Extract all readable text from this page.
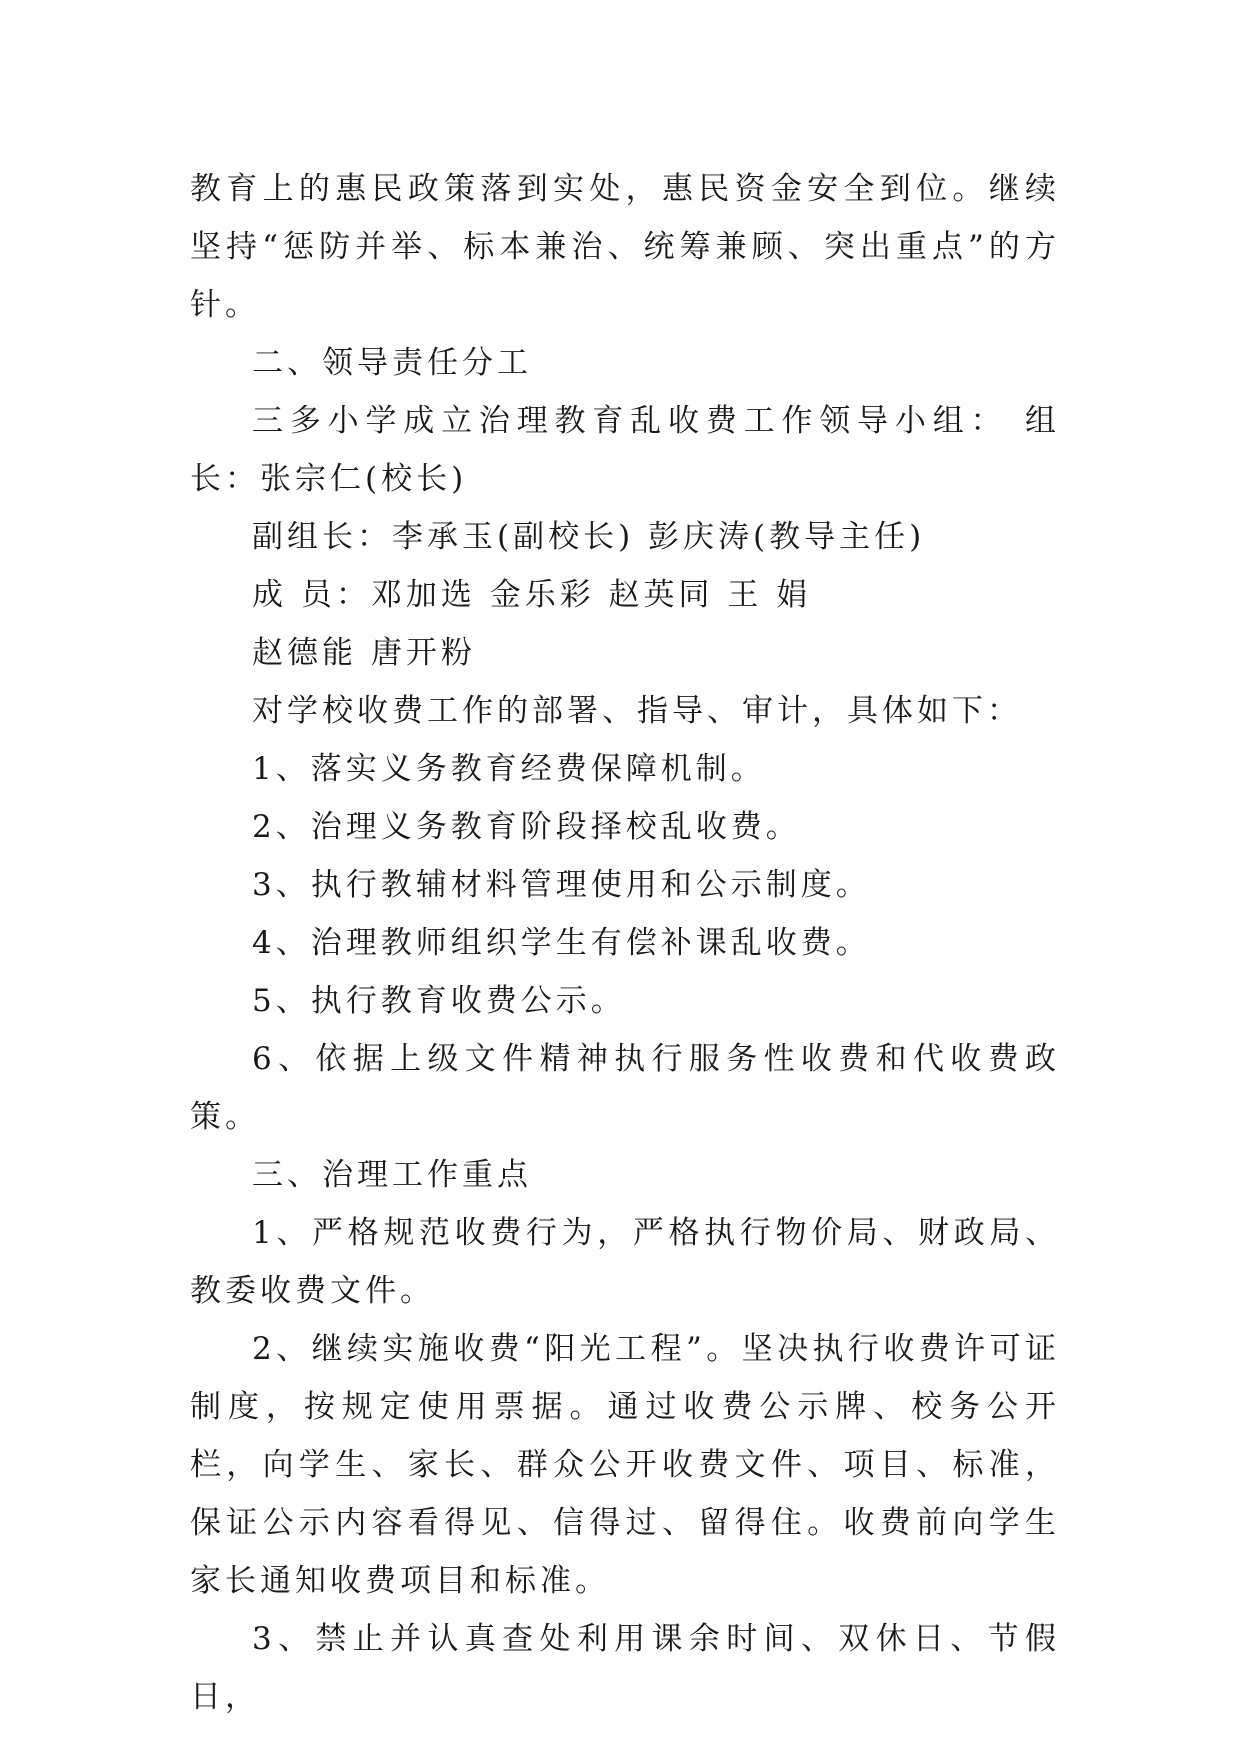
教育上的惠民政策落到实处，惠民资金安全到位。继续坚持“惩防并举、标本兼治、统筹兼顾、突出重点”的方针。

二、领导责任分工

三多小学成立治理教育乱收费工作领导小组： 组 长：张宗仁(校长)

副组长：李承玉(副校长) 彭庆涛(教导主任)

成 员：邓加选 金乐彩 赵英同 王 娟

赵德能 唐开粉

对学校收费工作的部署、指导、审计，具体如下：

1、落实义务教育经费保障机制。

2、治理义务教育阶段择校乱收费。

3、执行教辅材料管理使用和公示制度。

4、治理教师组织学生有偿补课乱收费。

5、执行教育收费公示。

6、依据上级文件精神执行服务性收费和代收费政策。

三、治理工作重点

1、严格规范收费行为，严格执行物价局、财政局、教委收费文件。

2、继续实施收费“阳光工程”。坚决执行收费许可证制度，按规定使用票据。通过收费公示牌、校务公开栏，向学生、家长、群众公开收费文件、项目、标准，保证公示内容看得见、信得过、留得住。收费前向学生家长通知收费项目和标准。

3、禁止并认真查处利用课余时间、双休日、节假日，
